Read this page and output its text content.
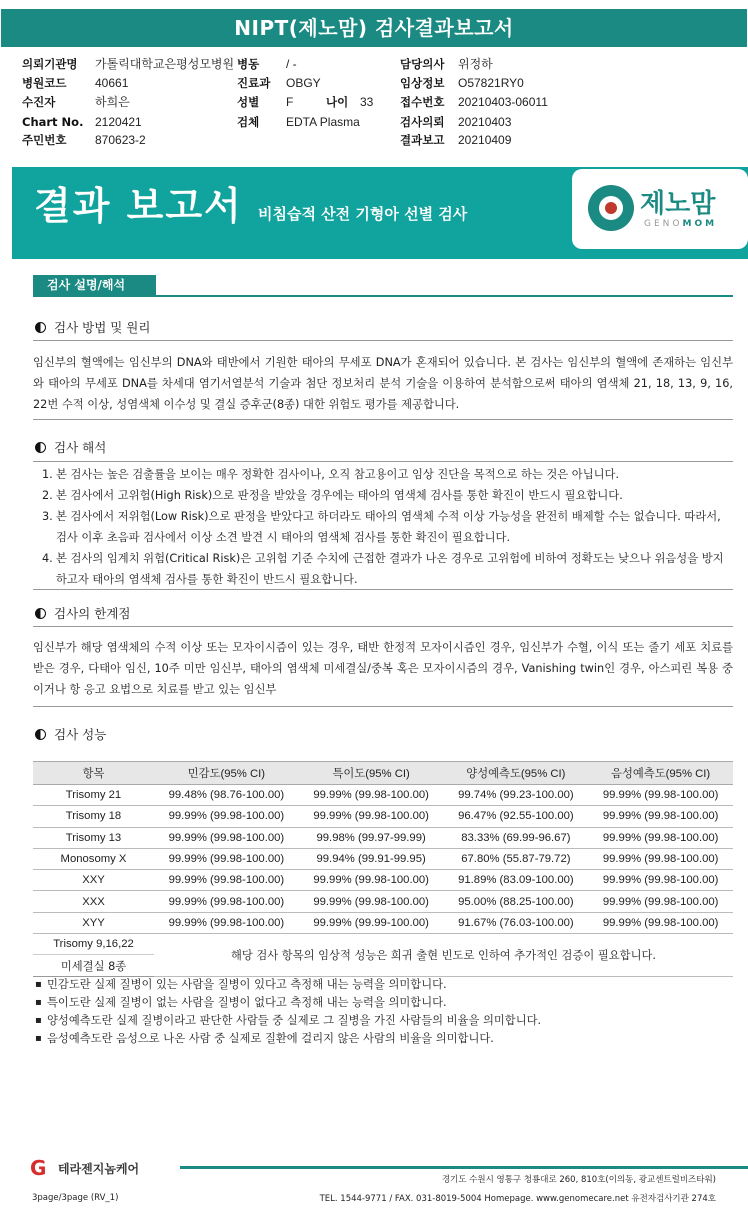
NIPT(제노맘) 검사결과보고서
의뢰기관명 가톨릭대학교은평성모병원 병동 / -	담당의사 위정하
병원코드 40661	진료과 OBGY	임상정보 O57821RY0
수진자	하희은	성별 F	나이 33 접수번호 20210403-06011
Chart No. 2120421	검체 EDTA Plasma	검사의뢰 20210403
주민번호 870623-2	결과보고 20210409
결과 보고서 비침습적 산전 기형아 선별 검사	제노맘
GENOMOM
검사 설명/해석
검사 방법 및 원리
임신부의 혈액에는 임신부의 DNA와 태반에서 기원한 태아의 무세포 DNA가 혼재되어 있습니다. 본 검사는 임신부의 혈액에 존재하는 임신부와 태아의 무세포 DNA를 차세대 염기서열분석 기술과 첨단 정보처리 분석 기술을 이용하여 분석함으로써 태아의 염색체 21, 18, 13, 9, 16, 22번 수적 이상, 성염색체 이수성 및 결실 증후군(8종) 대한 위험도 평가를 제공합니다.
검사 해석
1. 본 검사는 높은 검출률을 보이는 매우 정확한 검사이나, 오직 참고용이고 임상 진단을 목적으로 하는 것은 아닙니다.
2. 본 검사에서 고위험(High Risk)으로 판정을 받았을 경우에는 태아의 염색체 검사를 통한 확진이 반드시 필요합니다.
3. 본 검사에서 저위험(Low Risk)으로 판정을 받았다고 하더라도 태아의 염색체 수적 이상 가능성을 완전히 배제할 수는 없습니다. 따라서, 검사 이후 초음파 검사에서 이상 소견 발견 시 태아의 염색체 검사를 통한 확진이 필요합니다.
4. 본 검사의 임계치 위험(Critical Risk)은 고위험 기준 수치에 근접한 결과가 나온 경우로 고위험에 비하여 정확도는 낮으나 위음성을 방지하고자 태아의 염색체 검사를 통한 확진이 반드시 필요합니다.
검사의 한계점
임신부가 해당 염색체의 수적 이상 또는 모자이시즘이 있는 경우, 태반 한정적 모자이시즘인 경우, 임신부가 수혈, 이식 또는 줄기 세포 치료를 받은 경우, 다태아 임신, 10주 미만 임신부, 태아의 염색체 미세결실/중복 혹은 모자이시즘의 경우, Vanishing twin인 경우, 아스피린 복용 중이거나 항 응고 요법으로 치료를 받고 있는 임신부
검사 성능
항목	민감도(95% CI)	특이도(95% CI)	양성예측도(95% CI)	음성예측도(95% CI)
Trisomy 21	99.48% (98.76-100.00)	99.99% (99.98-100.00)	99.74% (99.23-100.00)	99.99% (99.98-100.00)
Trisomy 18	99.99% (99.98-100.00)	99.99% (99.98-100.00)	96.47% (92.55-100.00)	99.99% (99.98-100.00)
Trisomy 13	99.99% (99.98-100.00)	99.98% (99.97-99.99)	83.33% (69.99-96.67)	99.99% (99.98-100.00)
Monosomy X	99.99% (99.98-100.00)	99.94% (99.91-99.95)	67.80% (55.87-79.72)	99.99% (99.98-100.00)
XXY	99.99% (99.98-100.00)	99.99% (99.98-100.00)	91.89% (83.09-100.00)	99.99% (99.98-100.00)
XXX	99.99% (99.98-100.00)	99.99% (99.98-100.00)	95.00% (88.25-100.00)	99.99% (99.98-100.00)
XYY	99.99% (99.98-100.00)	99.99% (99.99-100.00)	91.67% (76.03-100.00)	99.99% (99.98-100.00)
Trisomy 9,16,22	해당 검사 항목의 임상적 성능은 희귀 출현 빈도로 인하여 추가적인 검증이 필요합니다.			
미세결실 8종				
▪ 민감도란 실제 질병이 있는 사람을 질병이 있다고 측정해 내는 능력을 의미합니다.
▪ 특이도란 실제 질병이 없는 사람을 질병이 없다고 측정해 내는 능력을 의미합니다.
▪ 양성예측도란 실제 질병이라고 판단한 사람들 중 실제로 그 질병을 가진 사람들의 비율을 의미합니다.
▪ 음성예측도란 음성으로 나온 사람 중 실제로 질환에 걸리지 않은 사람의 비율을 의미합니다.
G 테라젠지놈케어
경기도 수원시 영통구 청룡대로 260, 810호(이의동, 광교센트럴비즈타워)
TEL. 1544-9771 / FAX. 031-8019-5004 Homepage. www.genomecare.net 유전자검사기관 274호
3page/3page (RV_1)
